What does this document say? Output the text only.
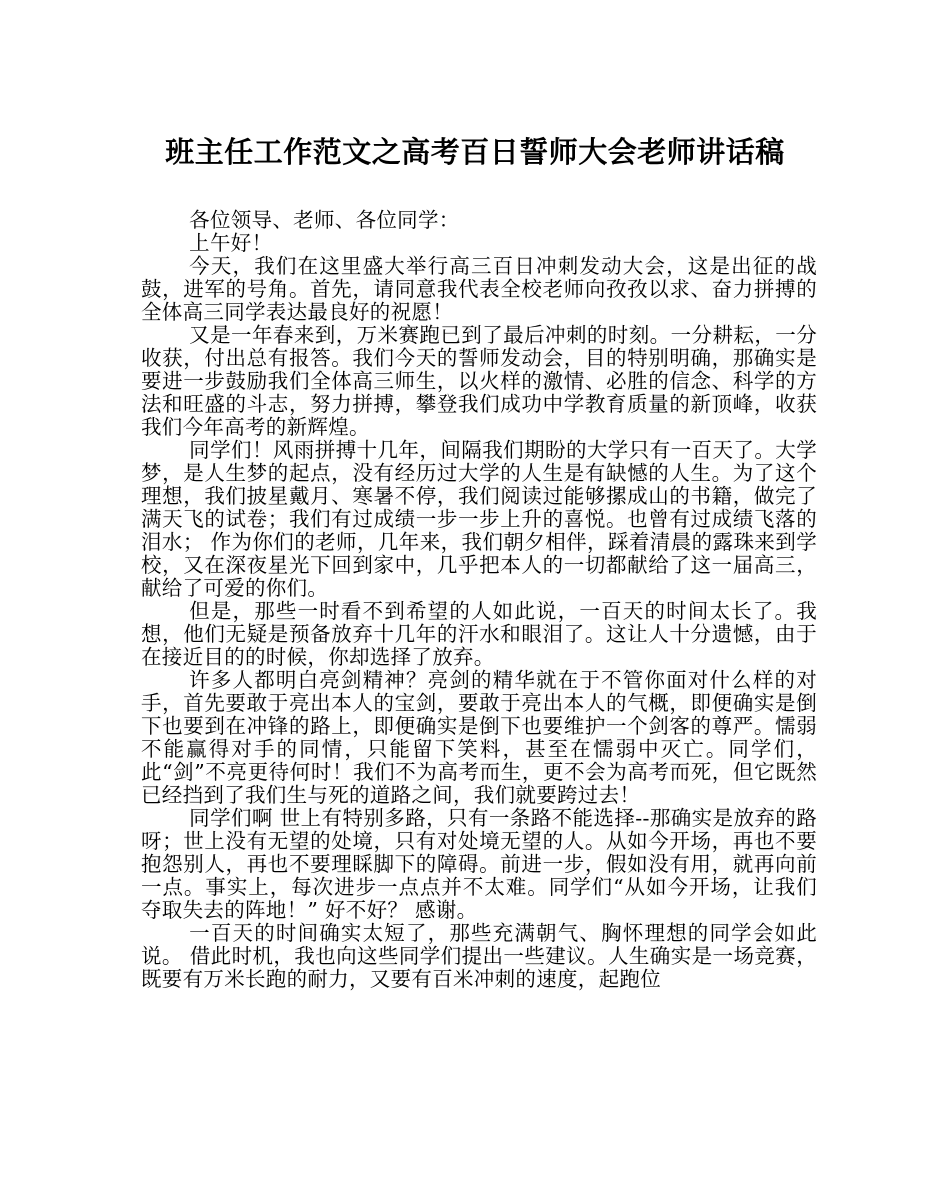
班主任工作范文之高考百日誓师大会老师讲话稿

各位领导、老师、各位同学：

上午好！

今天，我们在这里盛大举行高三百日冲刺发动大会，这是出征的战鼓，进军的号角。首先，请同意我代表全校老师向孜孜以求、奋力拼搏的全体高三同学表达最良好的祝愿！

又是一年春来到，万米赛跑已到了最后冲刺的时刻。一分耕耘，一分收获，付出总有报答。我们今天的誓师发动会，目的特别明确，那确实是要进一步鼓励我们全体高三师生，以火样的激情、必胜的信念、科学的方法和旺盛的斗志，努力拼搏，攀登我们成功中学教育质量的新顶峰，收获我们今年高考的新辉煌。

同学们！风雨拼搏十几年，间隔我们期盼的大学只有一百天了。大学梦，是人生梦的起点，没有经历过大学的人生是有缺憾的人生。为了这个理想，我们披星戴月、寒暑不停，我们阅读过能够摞成山的书籍，做完了满天飞的试卷；我们有过成绩一步一步上升的喜悦。也曾有过成绩飞落的泪水； 作为你们的老师，几年来，我们朝夕相伴，踩着清晨的露珠来到学校，又在深夜星光下回到家中，几乎把本人的一切都献给了这一届高三，献给了可爱的你们。

但是，那些一时看不到希望的人如此说，一百天的时间太长了。我想，他们无疑是预备放弃十几年的汗水和眼泪了。这让人十分遗憾，由于在接近目的的时候，你却选择了放弃。

许多人都明白亮剑精神？亮剑的精华就在于不管你面对什么样的对手，首先要敢于亮出本人的宝剑，要敢于亮出本人的气概，即便确实是倒下也要到在冲锋的路上，即便确实是倒下也要维护一个剑客的尊严。懦弱不能赢得对手的同情，只能留下笑料，甚至在懦弱中灭亡。同学们，此“剑”不亮更待何时！我们不为高考而生，更不会为高考而死，但它既然已经挡到了我们生与死的道路之间，我们就要跨过去！

同学们啊 世上有特别多路，只有一条路不能选择--那确实是放弃的路呀；世上没有无望的处境，只有对处境无望的人。从如今开场，再也不要抱怨别人，再也不要理睬脚下的障碍。前进一步，假如没有用，就再向前一点。事实上，每次进步一点点并不太难。同学们“从如今开场，让我们夺取失去的阵地！” 好不好？ 感谢。

一百天的时间确实太短了，那些充满朝气、胸怀理想的同学会如此说。 借此时机，我也向这些同学们提出一些建议。人生确实是一场竞赛，既要有万米长跑的耐力，又要有百米冲刺的速度，起跑位
